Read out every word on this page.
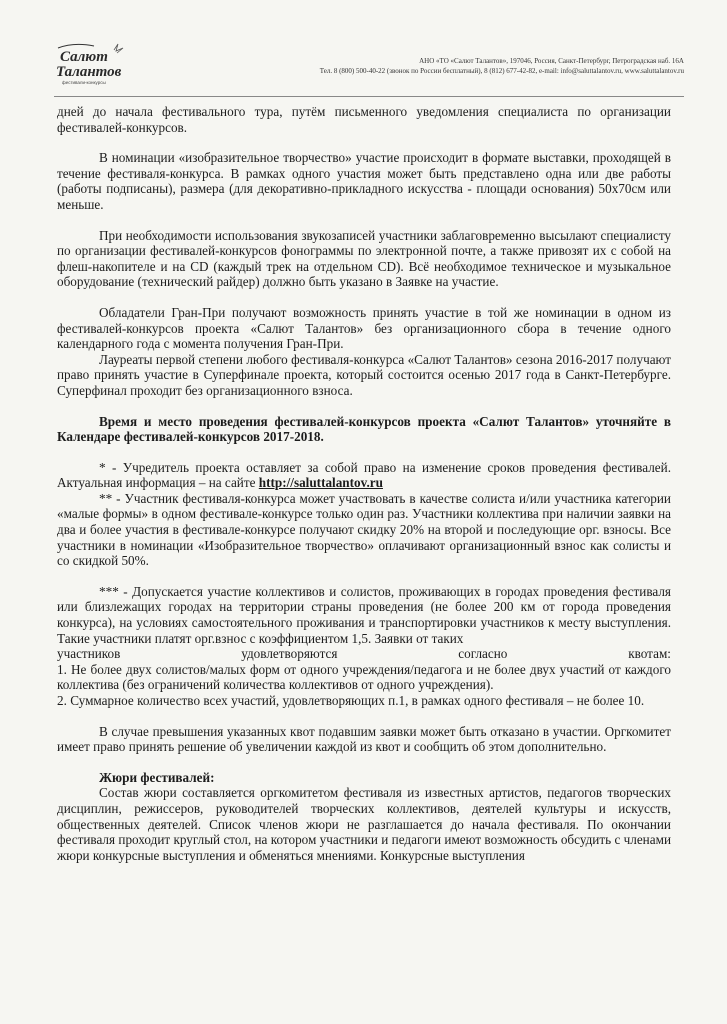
Салют
Талантов
фестивали-конкурсы
АНО «ТО «Салют Талантов», 197046, Россия, Санкт-Петербург, Петроградская наб. 16А
Тел. 8 (800) 500-40-22 (звонок по России бесплатный), 8 (812) 677-42-82, e-mail: info@saluttalantov.ru, www.saluttalantov.ru

дней до начала фестивального тура, путём письменного уведомления специалиста по организации фестивалей-конкурсов.

В номинации «изобразительное творчество» участие происходит в формате выставки, проходящей в течение фестиваля-конкурса. В рамках одного участия может быть представлено одна или две работы (работы подписаны), размера (для декоративно-прикладного искусства - площади основания) 50х70см или меньше.

При необходимости использования звукозаписей участники заблаговременно высылают специалисту по организации фестивалей-конкурсов фонограммы по электронной почте, а также привозят их с собой на флеш-накопителе и на CD (каждый трек на отдельном CD). Всё необходимое техническое и музыкальное оборудование (технический райдер) должно быть указано в Заявке на участие.

Обладатели Гран-При получают возможность принять участие в той же номинации в одном из фестивалей-конкурсов проекта «Салют Талантов» без организационного сбора в течение одного календарного года с момента получения Гран-При.

Лауреаты первой степени любого фестиваля-конкурса «Салют Талантов» сезона 2016-2017 получают право принять участие в Суперфинале проекта, который состоится осенью 2017 года в Санкт-Петербурге. Суперфинал проходит без организационного взноса.

Время и место проведения фестивалей-конкурсов проекта «Салют Талантов» уточняйте в Календаре фестивалей-конкурсов 2017-2018.

* - Учредитель проекта оставляет за собой право на изменение сроков проведения фестивалей. Актуальная информация – на сайте http://saluttalantov.ru

** - Участник фестиваля-конкурса может участвовать в качестве солиста и/или участника категории «малые формы» в одном фестивале-конкурсе только один раз. Участники коллектива при наличии заявки на два и более участия в фестивале-конкурсе получают скидку 20% на второй и последующие орг. взносы. Все участники в номинации «Изобразительное творчество» оплачивают организационный взнос как солисты и со скидкой 50%.

*** - Допускается участие коллективов и солистов, проживающих в городах проведения фестиваля или близлежащих городах на территории страны проведения (не более 200 км от города проведения конкурса), на условиях самостоятельного проживания и транспортировки участников к месту выступления. Такие участники платят орг.взнос с коэффициентом 1,5. Заявки от таких

участников	удовлетворяются	согласно	квотам:

1. Не более двух солистов/малых форм от одного учреждения/педагога и не более двух участий от каждого коллектива (без ограничений количества коллективов от одного учреждения).

2. Суммарное количество всех участий, удовлетворяющих п.1, в рамках одного фестиваля – не более 10.

В случае превышения указанных квот подавшим заявки может быть отказано в участии. Оргкомитет имеет право принять решение об увеличении каждой из квот и сообщить об этом дополнительно.

Жюри фестивалей:

Состав жюри составляется оргкомитетом фестиваля из известных артистов, педагогов творческих дисциплин, режиссеров, руководителей творческих коллективов, деятелей культуры и искусств, общественных деятелей. Список членов жюри не разглашается до начала фестиваля. По окончании фестиваля проходит круглый стол, на котором участники и педагоги имеют возможность обсудить с членами жюри конкурсные выступления и обменяться мнениями. Конкурсные выступления
